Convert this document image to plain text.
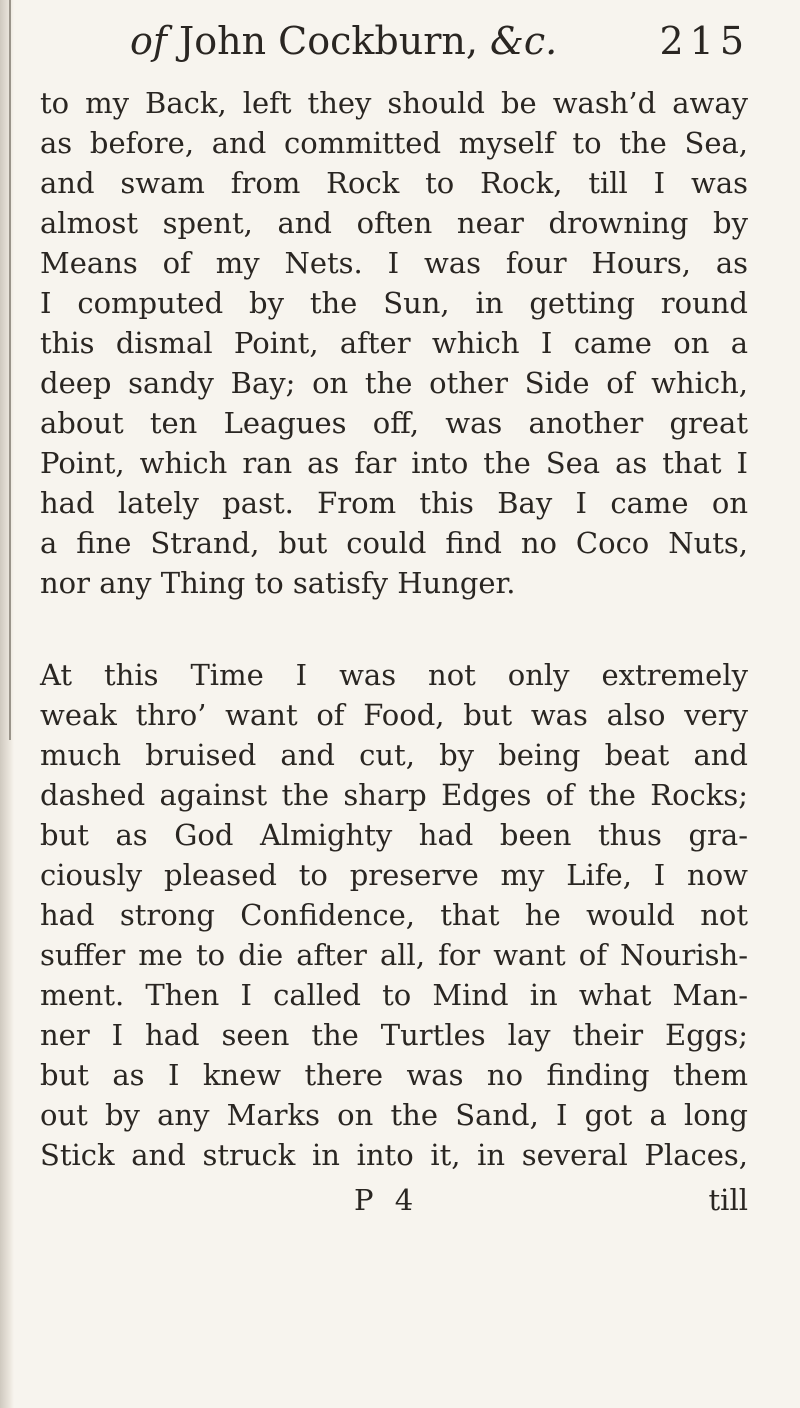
of John Cockburn, &c.	215
to my Back, left they should be wash’d away
as before, and committed myself to the Sea,
and swam from Rock to Rock, till I was
almost spent, and often near drowning by
Means of my Nets. I was four Hours, as
I computed by the Sun, in getting round
this dismal Point, after which I came on a
deep sandy Bay; on the other Side of which,
about ten Leagues off, was another great
Point, which ran as far into the Sea as that I
had lately past. From this Bay I came on
a fine Strand, but could find no Coco Nuts,
nor any Thing to satisfy Hunger.
At this Time I was not only extremely
weak thro’ want of Food, but was also very
much bruised and cut, by being beat and
dashed against the sharp Edges of the Rocks;
but as God Almighty had been thus gra-
ciously pleased to preserve my Life, I now
had strong Confidence, that he would not
suffer me to die after all, for want of Nourish-
ment. Then I called to Mind in what Man-
ner I had seen the Turtles lay their Eggs;
but as I knew there was no finding them
out by any Marks on the Sand, I got a long
Stick and struck in into it, in several Places,
P 4	till
